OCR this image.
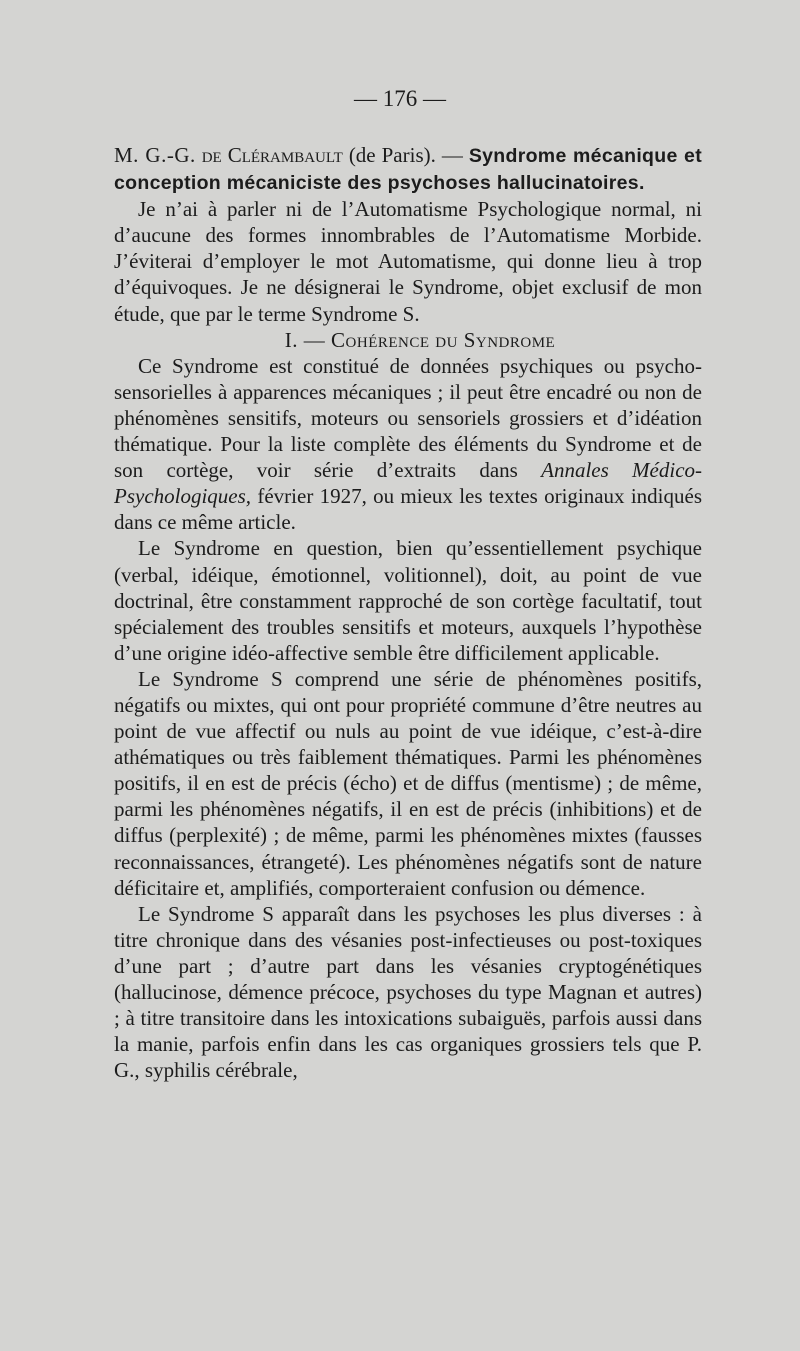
— 176 —

M. G.-G. de Clérambault (de Paris). — Syndrome mécanique et conception mécaniciste des psychoses hallucinatoires.

Je n’ai à parler ni de l’Automatisme Psychologique normal, ni d’aucune des formes innombrables de l’Automatisme Morbide. J’éviterai d’employer le mot Automatisme, qui donne lieu à trop d’équivoques. Je ne désignerai le Syndrome, objet exclusif de mon étude, que par le terme Syndrome S.

I. — Cohérence du Syndrome

Ce Syndrome est constitué de données psychiques ou psycho-sensorielles à apparences mécaniques ; il peut être encadré ou non de phénomènes sensitifs, moteurs ou sensoriels grossiers et d’idéation thématique. Pour la liste complète des éléments du Syndrome et de son cortège, voir série d’extraits dans Annales Médico-Psychologiques, février 1927, ou mieux les textes originaux indiqués dans ce même article.

Le Syndrome en question, bien qu’essentiellement psychique (verbal, idéique, émotionnel, volitionnel), doit, au point de vue doctrinal, être constamment rapproché de son cortège facultatif, tout spécialement des troubles sensitifs et moteurs, auxquels l’hypothèse d’une origine idéo-affective semble être difficilement applicable.

Le Syndrome S comprend une série de phénomènes positifs, négatifs ou mixtes, qui ont pour propriété commune d’être neutres au point de vue affectif ou nuls au point de vue idéique, c’est-à-dire athématiques ou très faiblement thématiques. Parmi les phénomènes positifs, il en est de précis (écho) et de diffus (mentisme) ; de même, parmi les phénomènes négatifs, il en est de précis (inhibitions) et de diffus (perplexité) ; de même, parmi les phénomènes mixtes (fausses reconnaissances, étrangeté). Les phénomènes négatifs sont de nature déficitaire et, amplifiés, comporteraient confusion ou démence.

Le Syndrome S apparaît dans les psychoses les plus diverses : à titre chronique dans des vésanies post-infectieuses ou post-toxiques d’une part ; d’autre part dans les vésanies cryptogénétiques (hallucinose, démence précoce, psychoses du type Magnan et autres) ; à titre transitoire dans les intoxications subaiguës, parfois aussi dans la manie, parfois enfin dans les cas organiques grossiers tels que P. G., syphilis cérébrale,
